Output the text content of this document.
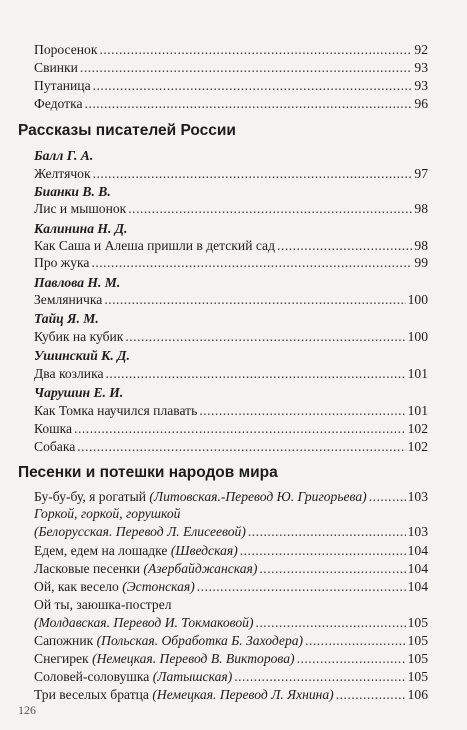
Поросенок .....	92
Свинки .....	93
Путаница .....	93
Федотка .....	96
Рассказы писателей России
Балл Г. А.
Желтячок .....	97
Бианки В. В.
Лис и мышонок .....	98
Калинина Н. Д.
Как Саша и Алеша пришли в детский сад .....	98
Про жука .....	99
Павлова Н. М.
Земляничка .....	100
Тайц Я. М.
Кубик на кубик .....	100
Ушинский К. Д.
Два козлика .....	101
Чарушин Е. И.
Как Томка научился плавать .....	101
Кошка .....	102
Собака .....	102
Песенки и потешки народов мира
Бу-бу-бу, я рогатый (Литовская.-Перевод Ю. Григорьева) .....	103
Горкой, горкой, горушкой
(Белорусская. Перевод Л. Елисеевой) .....	103
Едем, едем на лошадке (Шведская) .....	104
Ласковые песенки (Азербайджанская) .....	104
Ой, как весело (Эстонская) .....	104
Ой ты, заюшка-пострел
(Молдавская. Перевод И. Токмаковой) .....	105
Сапожник (Польская. Обработка Б. Заходера) .....	105
Снегирек (Немецкая. Перевод В. Викторова) .....	105
Соловей-соловушка (Латышская) .....	105
Три веселых братца (Немецкая. Перевод Л. Яхнина) .....	106
126
